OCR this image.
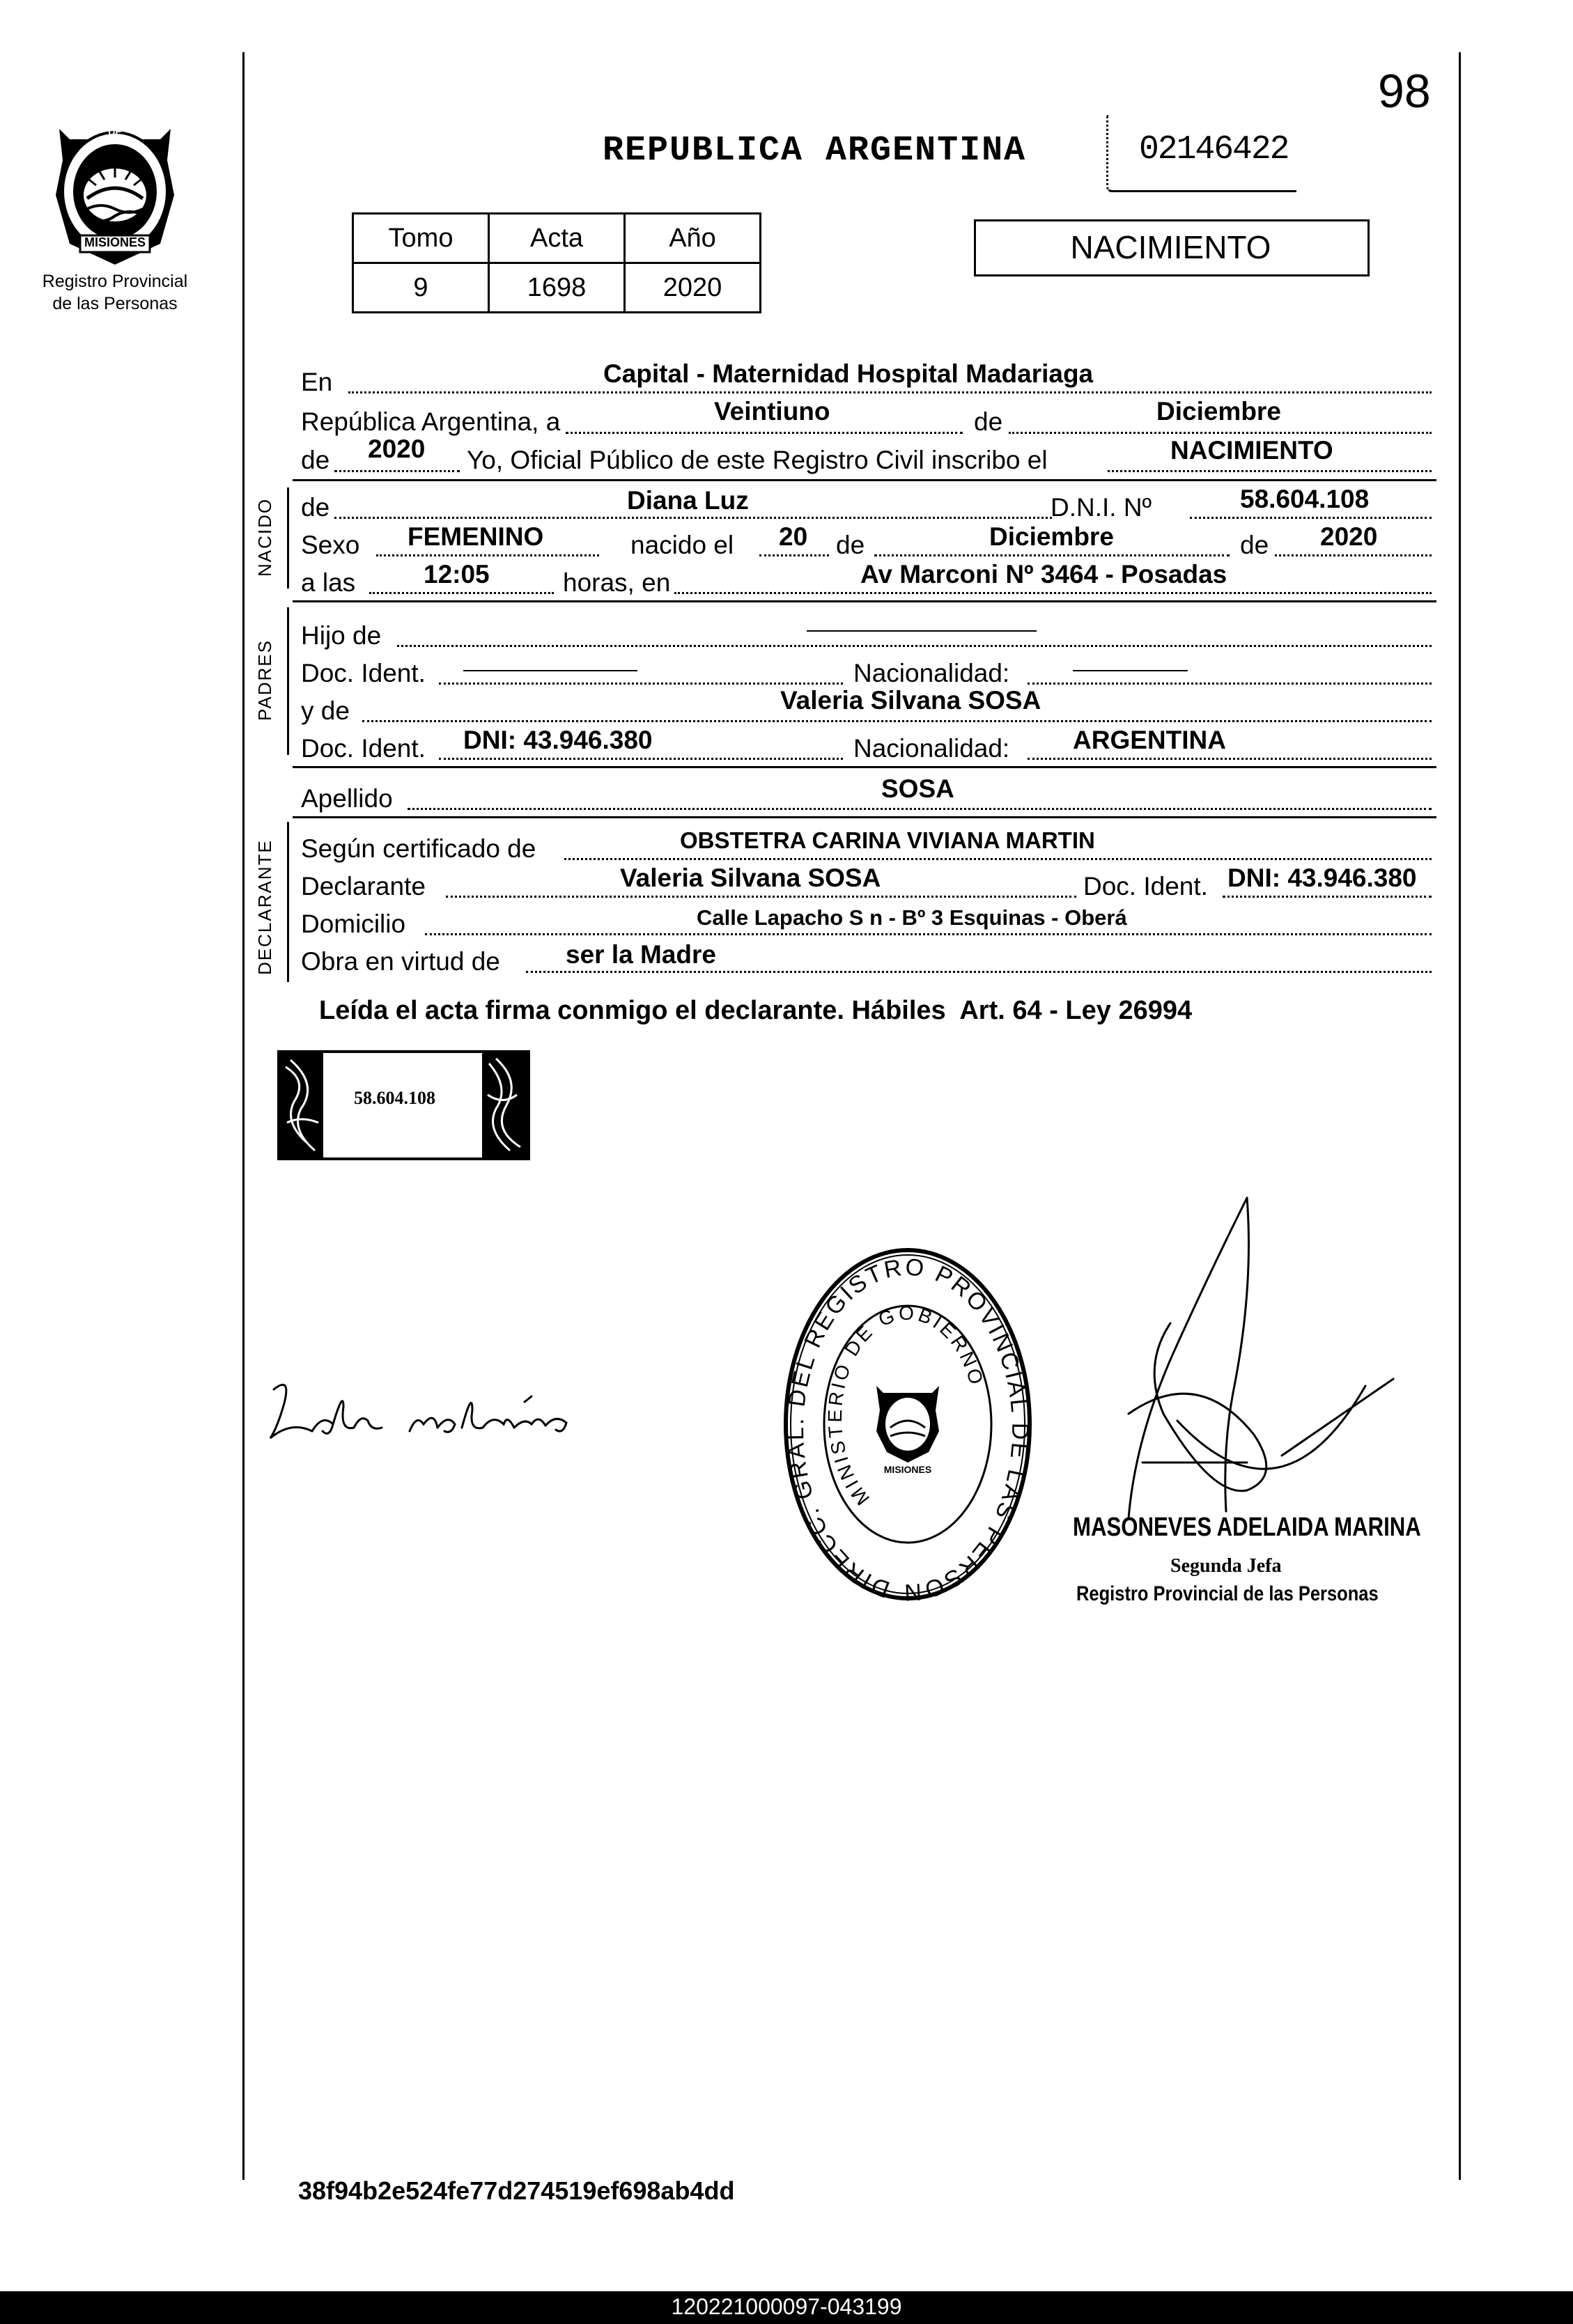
PROVINCIA DE
MISIONES
Registro Provincial
de las Personas
98
REPUBLICA ARGENTINA	02146422
Tomo	Acta	Año
9	1698	2020
NACIMIENTO
En	Capital - Maternidad Hospital Madariaga
República Argentina, a	Veintiuno	de	Diciembre
de 2020 Yo, Oficial Público de este Registro Civil inscribo el	NACIMIENTO
NACIDO de	Diana Luz	D.N.I. Nº	58.604.108
Sexo FEMENINO	nacido el 20 de	Diciembre	de 2020
a las	12:05	horas, en	Av Marconi Nº 3464 - Posadas
PADRES
Hijo de
Doc. Ident.	Nacionalidad:
y de	Valeria Silvana SOSA
Doc. Ident. DNI: 43.946.380	Nacionalidad: ARGENTINA
Apellido	SOSA
DECLARANTE Según certificado de	OBSTETRA CARINA VIVIANA MARTIN
Declarante	Valeria Silvana SOSA	Doc. Ident. DNI: 43.946.380
Domicilio	Calle Lapacho S n - Bº 3 Esquinas - Oberá
Obra en virtud de	ser la Madre
Leída el acta firma conmigo el declarante. Hábiles  Art. 64 - Ley 26994
58.604.108
DIRECC. GRAL. DEL REGISTRO PROVINCIAL DE LAS PERSON
MINISTERIO DE GOBIERNO
MISIONES
MASONEVES ADELAIDA MARINA
Segunda Jefa
Registro Provincial de las Personas
38f94b2e524fe77d274519ef698ab4dd
120221000097-043199
